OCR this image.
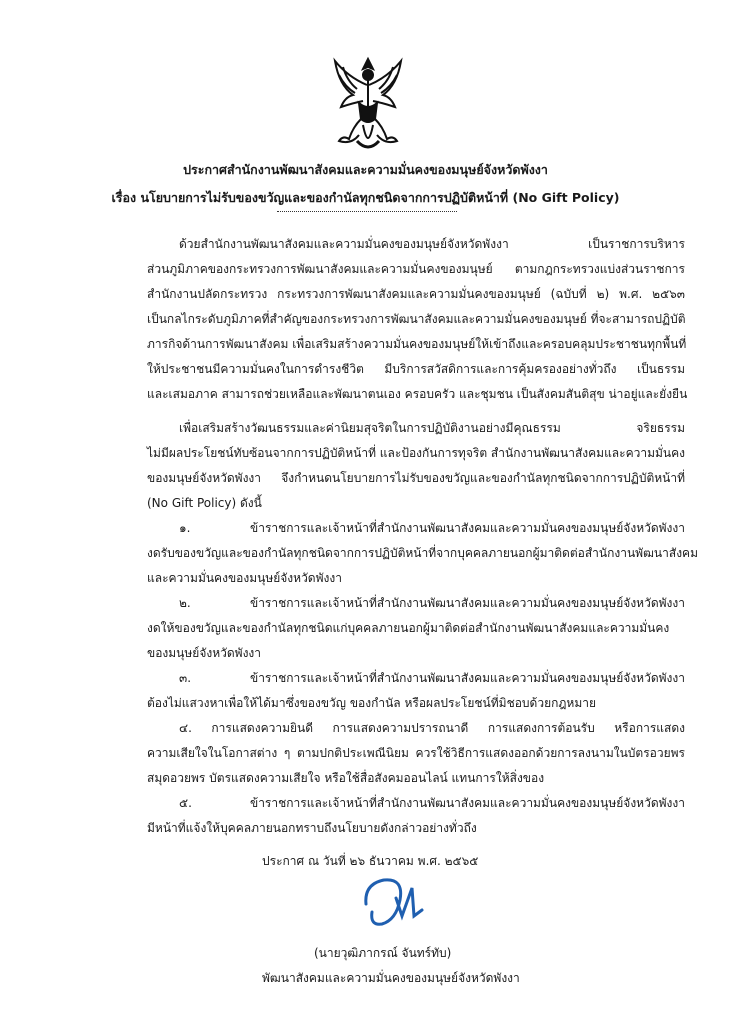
ประกาศสำนักงานพัฒนาสังคมและความมั่นคงของมนุษย์จังหวัดพังงา
เรื่อง นโยบายการไม่รับของขวัญและของกำนัลทุกชนิดจากการปฏิบัติหน้าที่ (No Gift Policy)
ด้วยสำนักงานพัฒนาสังคมและความมั่นคงของมนุษย์จังหวัดพังงา เป็นราชการบริหาร
ส่วนภูมิภาคของกระทรวงการพัฒนาสังคมและความมั่นคงของมนุษย์ ตามกฎกระทรวงแบ่งส่วนราชการ
สำนักงานปลัดกระทรวง กระทรวงการพัฒนาสังคมและความมั่นคงของมนุษย์ (ฉบับที่ ๒) พ.ศ. ๒๕๖๓
เป็นกลไกระดับภูมิภาคที่สำคัญของกระทรวงการพัฒนาสังคมและความมั่นคงของมนุษย์ ที่จะสามารถปฏิบัติ
ภารกิจด้านการพัฒนาสังคม เพื่อเสริมสร้างความมั่นคงของมนุษย์ให้เข้าถึงและครอบคลุมประชาชนทุกพื้นที่
ให้ประชาชนมีความมั่นคงในการดำรงชีวิต มีบริการสวัสดิการและการคุ้มครองอย่างทั่วถึง เป็นธรรม
และเสมอภาค สามารถช่วยเหลือและพัฒนาตนเอง ครอบครัว และชุมชน เป็นสังคมสันติสุข น่าอยู่และยั่งยืน
เพื่อเสริมสร้างวัฒนธรรมและค่านิยมสุจริตในการปฏิบัติงานอย่างมีคุณธรรม จริยธรรม
ไม่มีผลประโยชน์ทับซ้อนจากการปฏิบัติหน้าที่ และป้องกันการทุจริต สำนักงานพัฒนาสังคมและความมั่นคง
ของมนุษย์จังหวัดพังงา จึงกำหนดนโยบายการไม่รับของขวัญและของกำนัลทุกชนิดจากการปฏิบัติหน้าที่
(No Gift Policy) ดังนี้
๑. ข้าราชการและเจ้าหน้าที่สำนักงานพัฒนาสังคมและความมั่นคงของมนุษย์จังหวัดพังงา
งดรับของขวัญและของกำนัลทุกชนิดจากการปฏิบัติหน้าที่จากบุคคลภายนอกผู้มาติดต่อสำนักงานพัฒนาสังคม
และความมั่นคงของมนุษย์จังหวัดพังงา
๒. ข้าราชการและเจ้าหน้าที่สำนักงานพัฒนาสังคมและความมั่นคงของมนุษย์จังหวัดพังงา
งดให้ของขวัญและของกำนัลทุกชนิดแก่บุคคลภายนอกผู้มาติดต่อสำนักงานพัฒนาสังคมและความมั่นคง
ของมนุษย์จังหวัดพังงา
๓. ข้าราชการและเจ้าหน้าที่สำนักงานพัฒนาสังคมและความมั่นคงของมนุษย์จังหวัดพังงา
ต้องไม่แสวงหาเพื่อให้ได้มาซึ่งของขวัญ ของกำนัล หรือผลประโยชน์ที่มิชอบด้วยกฎหมาย
๔. การแสดงความยินดี การแสดงความปรารถนาดี การแสดงการต้อนรับ หรือการแสดง
ความเสียใจในโอกาสต่าง ๆ ตามปกติประเพณีนิยม ควรใช้วิธีการแสดงออกด้วยการลงนามในบัตรอวยพร
สมุดอวยพร บัตรแสดงความเสียใจ หรือใช้สื่อสังคมออนไลน์ แทนการให้สิ่งของ
๕. ข้าราชการและเจ้าหน้าที่สำนักงานพัฒนาสังคมและความมั่นคงของมนุษย์จังหวัดพังงา
มีหน้าที่แจ้งให้บุคคลภายนอกทราบถึงนโยบายดังกล่าวอย่างทั่วถึง
ประกาศ ณ วันที่ ๒๖ ธันวาคม พ.ศ. ๒๕๖๕
(นายวุฒิภากรณ์ จันทร์ทับ)
พัฒนาสังคมและความมั่นคงของมนุษย์จังหวัดพังงา
